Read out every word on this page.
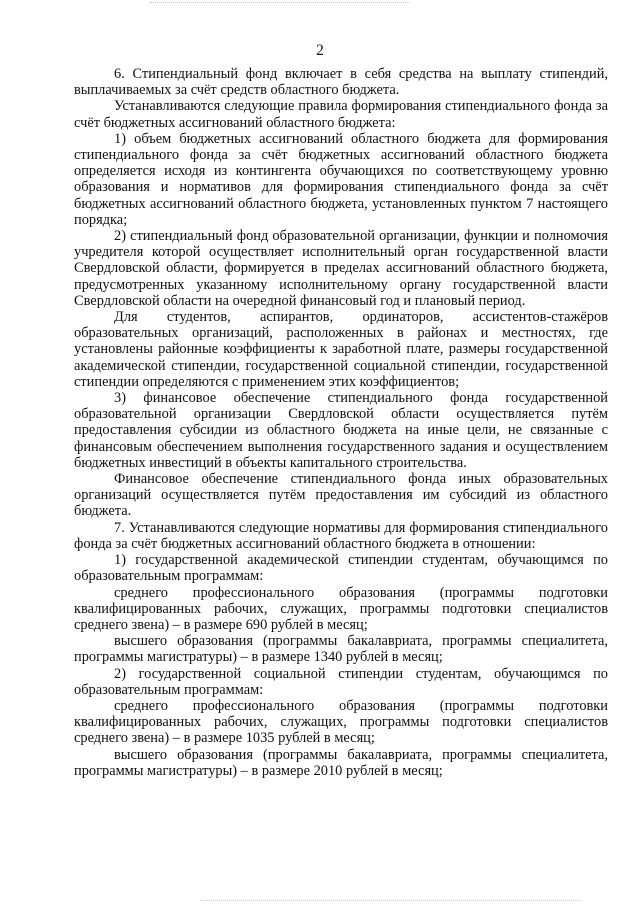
2

6. Стипендиальный фонд включает в себя средства на выплату стипендий, выплачиваемых за счёт средств областного бюджета.

Устанавливаются следующие правила формирования стипендиального фонда за счёт бюджетных ассигнований областного бюджета:

1) объем бюджетных ассигнований областного бюджета для формирования стипендиального фонда за счёт бюджетных ассигнований областного бюджета определяется исходя из контингента обучающихся по соответствующему уровню образования и нормативов для формирования стипендиального фонда за счёт бюджетных ассигнований областного бюджета, установленных пунктом 7 настоящего порядка;

2) стипендиальный фонд образовательной организации, функции и полномочия учредителя которой осуществляет исполнительный орган государственной власти Свердловской области, формируется в пределах ассигнований областного бюджета, предусмотренных указанному исполнительному органу государственной власти Свердловской области на очередной финансовый год и плановый период.

Для студентов, аспирантов, ординаторов, ассистентов-стажёров образовательных организаций, расположенных в районах и местностях, где установлены районные коэффициенты к заработной плате, размеры государственной академической стипендии, государственной социальной стипендии, государственной стипендии определяются с применением этих коэффициентов;

3) финансовое обеспечение стипендиального фонда государственной образовательной организации Свердловской области осуществляется путём предоставления субсидии из областного бюджета на иные цели, не связанные с финансовым обеспечением выполнения государственного задания и осуществлением бюджетных инвестиций в объекты капитального строительства.

Финансовое обеспечение стипендиального фонда иных образовательных организаций осуществляется путём предоставления им субсидий из областного бюджета.

7. Устанавливаются следующие нормативы для формирования стипендиального фонда за счёт бюджетных ассигнований областного бюджета в отношении:

1) государственной академической стипендии студентам, обучающимся по образовательным программам:

среднего профессионального образования (программы подготовки квалифицированных рабочих, служащих, программы подготовки специалистов среднего звена) – в размере 690 рублей в месяц;

высшего образования (программы бакалавриата, программы специалитета, программы магистратуры) – в размере 1340 рублей в месяц;

2) государственной социальной стипендии студентам, обучающимся по образовательным программам:

среднего профессионального образования (программы подготовки квалифицированных рабочих, служащих, программы подготовки специалистов среднего звена) – в размере 1035 рублей в месяц;

высшего образования (программы бакалавриата, программы специалитета, программы магистратуры) – в размере 2010 рублей в месяц;
